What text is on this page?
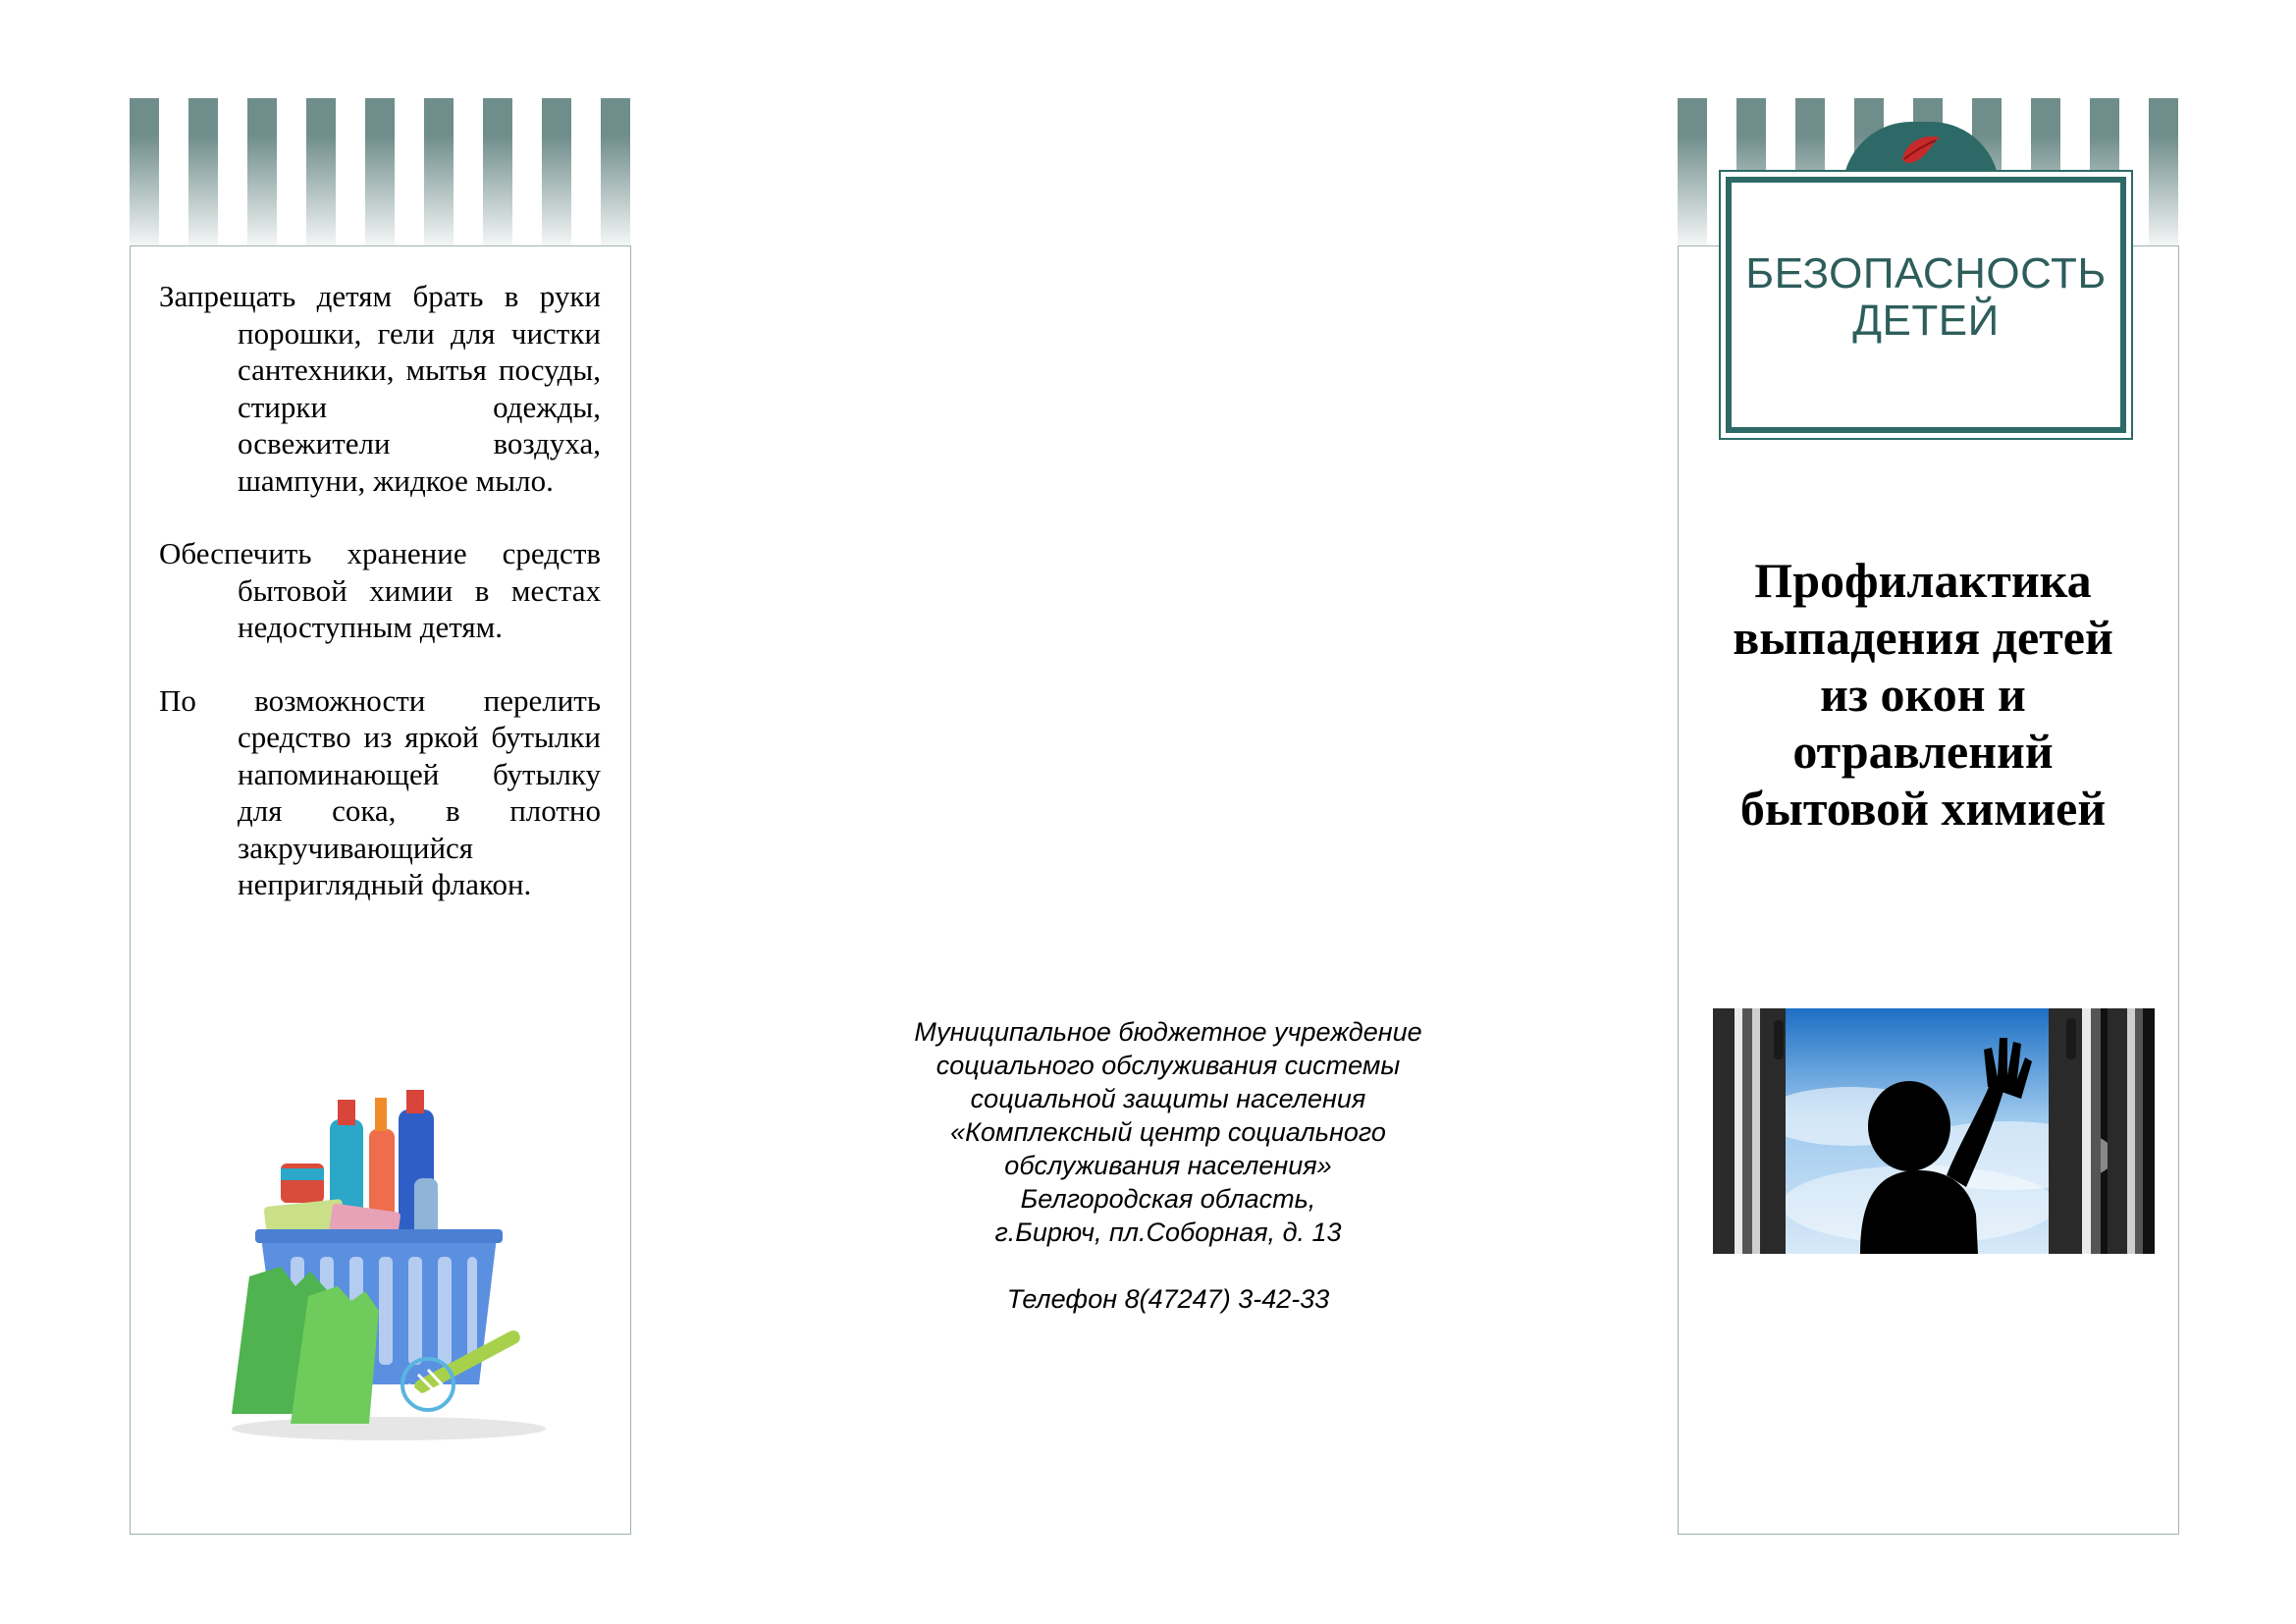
Запрещать детям брать в руки порошки, гели для чистки сантехники, мытья посуды, стирки одежды, освежители воздуха, шампуни, жидкое мыло.

Обеспечить хранение средств бытовой химии в местах недоступным детям.

По возможности перелить средство из яркой бутылки напоминающей бутылку для сока, в плотно закручивающийся неприглядный флакон.

Муниципальное бюджетное учреждение
социального обслуживания системы
социальной защиты населения
«Комплексный центр социального
обслуживания населения»
Белгородская область,
г.Бирюч, пл.Соборная, д. 13
Телефон 8(47247) 3-42-33
БЕЗОПАСНОСТЬ
ДЕТЕЙ
Профилактика
выпадения детей
из окон и
отравлений
бытовой химией
